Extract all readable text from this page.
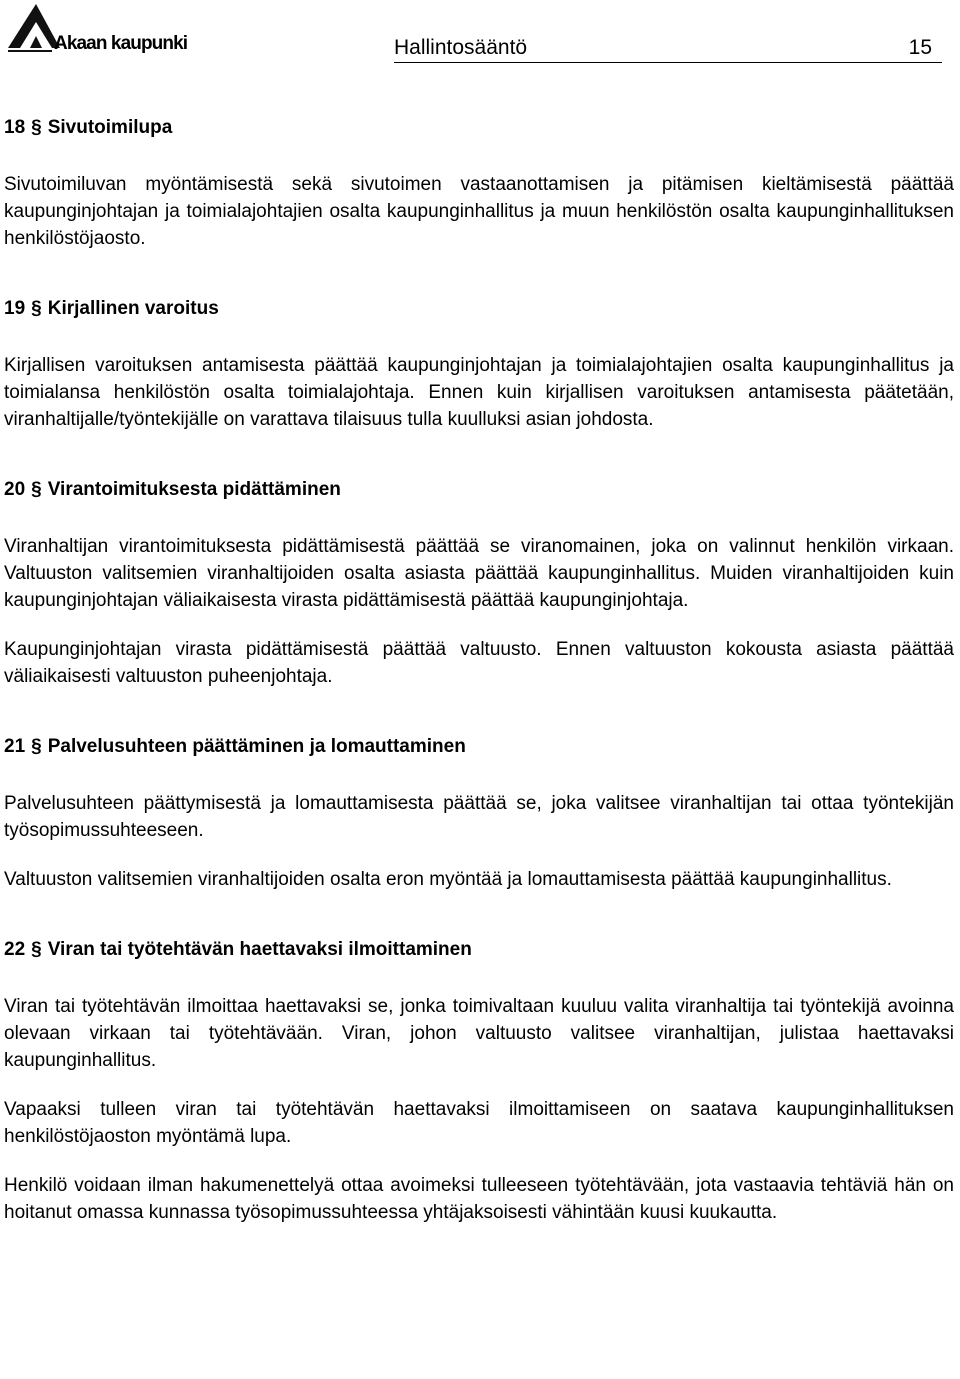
Akaan kaupunki	Hallintosääntö	15

18 § Sivutoimilupa

Sivutoimiluvan myöntämisestä sekä sivutoimen vastaanottamisen ja pitämisen kieltämisestä päättää kaupunginjohtajan ja toimialajohtajien osalta kaupunginhallitus ja muun henkilöstön osalta kaupunginhallituksen henkilöstöjaosto.

19 § Kirjallinen varoitus

Kirjallisen varoituksen antamisesta päättää kaupunginjohtajan ja toimialajohtajien osalta kaupunginhallitus ja toimialansa henkilöstön osalta toimialajohtaja. Ennen kuin kirjallisen varoituksen antamisesta päätetään, viranhaltijalle/työntekijälle on varattava tilaisuus tulla kuulluksi asian johdosta.

20 § Virantoimituksesta pidättäminen

Viranhaltijan virantoimituksesta pidättämisestä päättää se viranomainen, joka on valinnut henkilön virkaan. Valtuuston valitsemien viranhaltijoiden osalta asiasta päättää kaupunginhallitus. Muiden viranhaltijoiden kuin kaupunginjohtajan väliaikaisesta virasta pidättämisestä päättää kaupunginjohtaja.

Kaupunginjohtajan virasta pidättämisestä päättää valtuusto. Ennen valtuuston kokousta asiasta päättää väliaikaisesti valtuuston puheenjohtaja.

21 § Palvelusuhteen päättäminen ja lomauttaminen

Palvelusuhteen päättymisestä ja lomauttamisesta päättää se, joka valitsee viranhaltijan tai ottaa työntekijän työsopimussuhteeseen.

Valtuuston valitsemien viranhaltijoiden osalta eron myöntää ja lomauttamisesta päättää kaupunginhallitus.

22 § Viran tai työtehtävän haettavaksi ilmoittaminen

Viran tai työtehtävän ilmoittaa haettavaksi se, jonka toimivaltaan kuuluu valita viranhaltija tai työntekijä avoinna olevaan virkaan tai työtehtävään. Viran, johon valtuusto valitsee viranhaltijan, julistaa haettavaksi kaupunginhallitus.

Vapaaksi tulleen viran tai työtehtävän haettavaksi ilmoittamiseen on saatava kaupunginhallituksen henkilöstöjaoston myöntämä lupa.

Henkilö voidaan ilman hakumenettelyä ottaa avoimeksi tulleeseen työtehtävään, jota vastaavia tehtäviä hän on hoitanut omassa kunnassa työsopimussuhteessa yhtäjaksoisesti vähintään kuusi kuukautta.
